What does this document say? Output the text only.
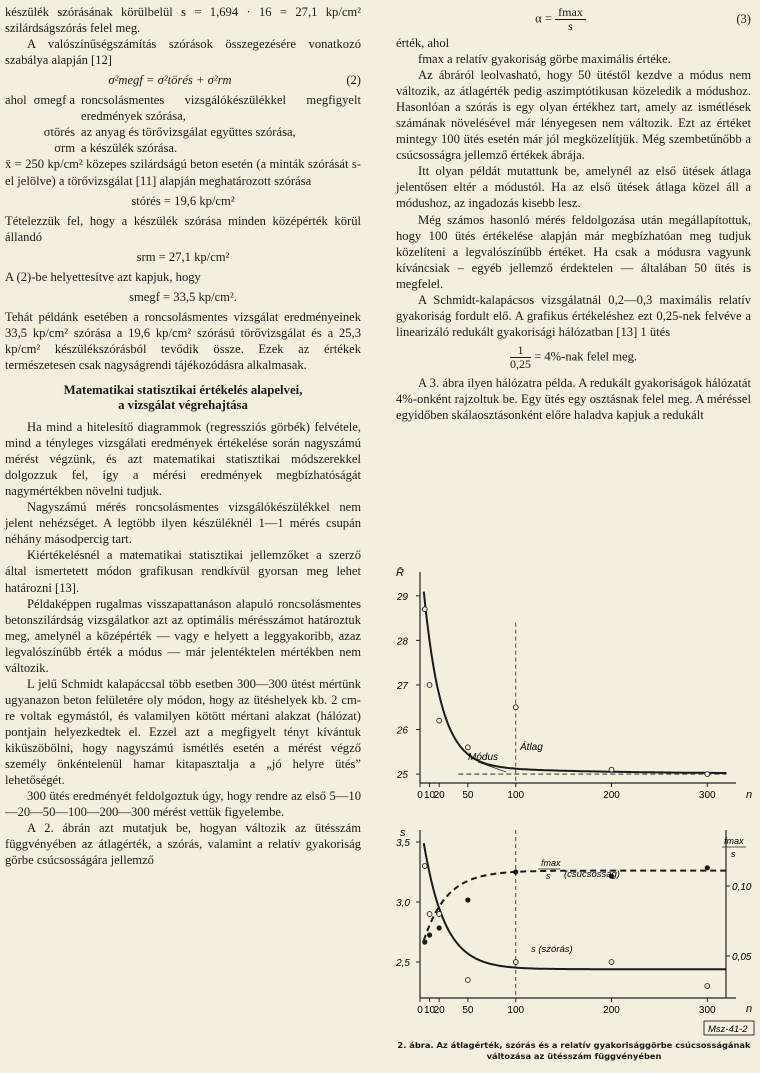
készülék szórásának körülbelül s = 1,694 · 16 = 27,1 kp/cm² szilárdságszórás felel meg.

A valószínűségszámítás szórások összegezésére vonatkozó szabálya alapján [12]

σ²megf = σ²törés + σ²rm	(2)
ahol σmegf a roncsolásmentes vizsgálókészülékkel megfigyelt eredmények szórása,
σtörés az anyag és törővizsgálat együttes szórása,
σrm a készülék szórása.

x̄ = 250 kp/cm² közepes szilárdságú beton esetén (a minták szórását s-el jelölve) a törővizsgálat [11] alapján meghatározott szórása

stórés = 19,6 kp/cm²

Tételezzük fel, hogy a készülék szórása minden középérték körül állandó

srm = 27,1 kp/cm²

A (2)-be helyettesítve azt kapjuk, hogy

smegf = 33,5 kp/cm².

Tehát példánk esetében a roncsolásmentes vizsgálat eredményeinek 33,5 kp/cm² szórása a 19,6 kp/cm² szórású törővizsgálat és a 25,3 kp/cm² készülékszórásból tevődik össze. Ezek az értékek természetesen csak nagyságrendi tájékozódásra alkalmasak.

Matematikai statisztikai értékelés alapelvei,
a vizsgálat végrehajtása

Ha mind a hitelesítő diagrammok (regressziós görbék) felvétele, mind a tényleges vizsgálati eredmények értékelése során nagyszámú mérést végzünk, és azt matematikai statisztikai módszerekkel dolgozzuk fel, így a mérési eredmények megbízhatóságát nagymértékben növelni tudjuk.

Nagyszámú mérés roncsolásmentes vizsgálókészülékkel nem jelent nehézséget. A legtöbb ilyen készüléknél 1—1 mérés csupán néhány másodpercig tart.

Kiértékelésnél a matematikai statisztikai jellemzőket a szerző által ismertetett módon grafikusan rendkívül gyorsan meg lehet határozni [13].

Példaképpen rugalmas visszapattanáson alapuló roncsolásmentes betonszilárdság vizsgálatkor azt az optimális mérésszámot határoztuk meg, amelynél a középérték — vagy e helyett a leggyakoribb, azaz legvalószínűbb érték a módus — már jelentéktelen mértékben nem változik.

L jelű Schmidt kalapáccsal több esetben 300—300 ütést mértünk ugyanazon beton felületére oly módon, hogy az ütéshelyek kb. 2 cm-re voltak egymástól, és valamilyen kötött mértani alakzat (hálózat) pontjain helyezkedtek el. Ezzel azt a megfigyelt tényt kívántuk kiküszöbölni, hogy nagyszámú ismétlés esetén a mérést végző személy önkéntelenül hamar kitapasztalja a „jó helyre ütés” lehetőségét.

300 ütés eredményét feldolgoztuk úgy, hogy rendre az első 5—10—20—50—100—200—300 mérést vettük figyelembe.

A 2. ábrán azt mutatjuk be, hogyan változik az ütésszám függvényében az átlagérték, a szórás, valamint a relatív gyakoriság görbe csúcsosságára jellemző

α = fmax
s	(3)

érték, ahol

fmax a relatív gyakoriság görbe maximális értéke.

Az ábráról leolvasható, hogy 50 ütéstől kezdve a módus nem változik, az átlagérték pedig aszimptótikusan közeledik a módushoz. Hasonlóan a szórás is egy olyan értékhez tart, amely az ismétlések számának növelésével már lényegesen nem változik. Ezt az értéket mintegy 100 ütés esetén már jól megközelítjük. Még szembetűnőbb a csúcsosságra jellemző értékek ábrája.

Itt olyan példát mutattunk be, amelynél az első ütések átlaga jelentősen eltér a módustól. Ha az első ütések átlaga közel áll a módushoz, az ingadozás kisebb lesz.

Még számos hasonló mérés feldolgozása után megállapítottuk, hogy 100 ütés értékelése alapján már megbízhatóan meg tudjuk közelíteni a legvalószínűbb értéket. Ha csak a módusra vagyunk kíváncsiak – egyéb jellemző érdektelen — általában 50 ütés is megfelel.

A Schmidt-kalapácsos vizsgálatnál 0,2—0,3 maximális relatív gyakoriság fordult elő. A grafikus értékeléshez ezt 0,25-nek felvéve a linearizáló redukált gyakorisági hálózatban [13] 1 ütés

$\frac{1}{0,25} = 4\%-nak$ felel meg.

A 3. ábra ilyen hálózatra példa. A redukált gyakoriságok hálózatát 4%-onként rajzoltuk be. Egy ütés egy osztásnak felel meg. A méréssel egyidőben skálaosztásonként előre haladva kapjuk a redukált

R̄
n
0 10
20 50	100	200	300
25
26
27
28
29
Átlag
Módus
s
n
fmax
s
0 10
20 50	100	200	300
2,5
3,0
3,5
0,10
0,05
fmax
s (csúcsosság)
s (szórás)
Msz-41-2
2. ábra. Az átlagérték, szórás és a relatív gyakorisággörbe csúcsosságának változása az ütésszám függvényében
